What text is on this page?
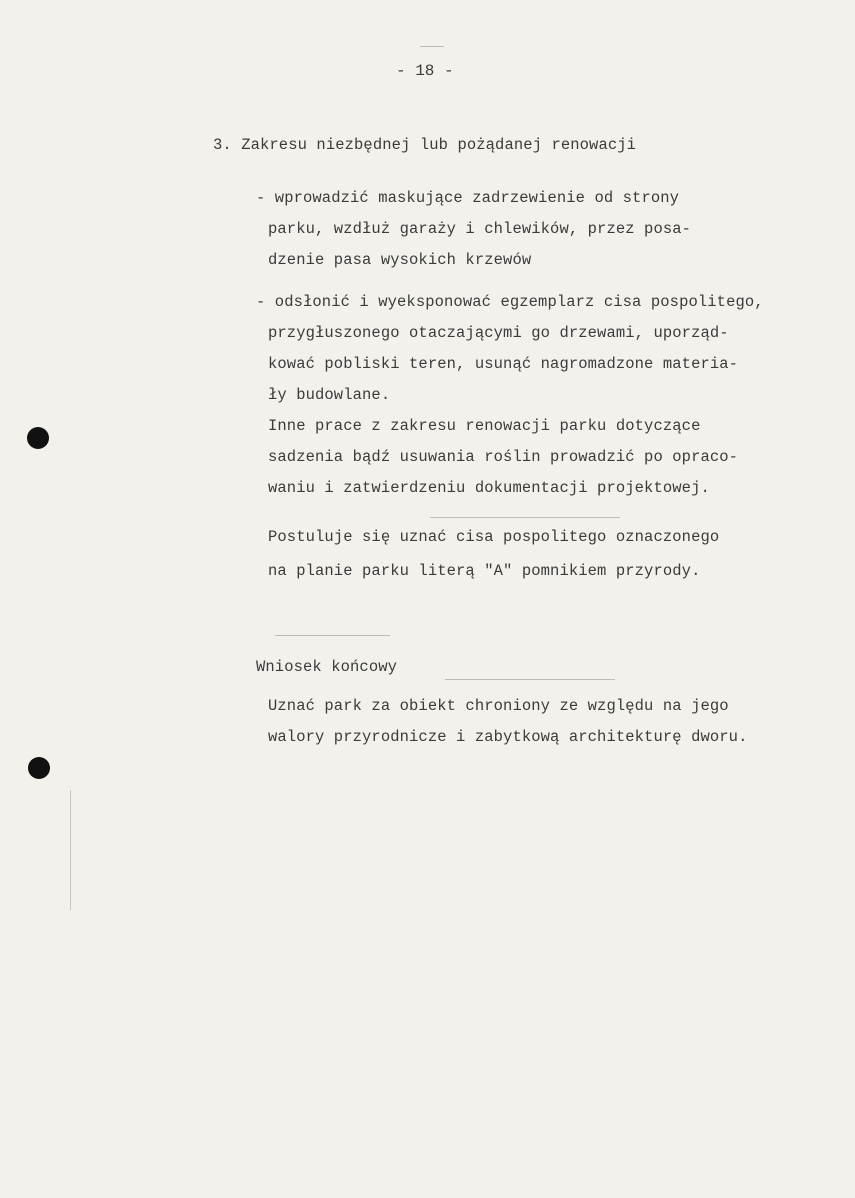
- 18 -
3. Zakresu niezbędnej lub pożądanej renowacji
- wprowadzić maskujące zadrzewienie od strony
parku, wzdłuż garaży i chlewików, przez posa-
dzenie pasa wysokich krzewów
- odsłonić i wyeksponować egzemplarz cisa pospolitego,
przygłuszonego otaczającymi go drzewami, uporząd-
kować pobliski teren, usunąć nagromadzone materia-
ły budowlane.
Inne prace z zakresu renowacji parku dotyczące
sadzenia bądź usuwania roślin prowadzić po opraco-
waniu i zatwierdzeniu dokumentacji projektowej.
Postuluje się uznać cisa pospolitego oznaczonego
na planie parku literą "A" pomnikiem przyrody.
Wniosek końcowy
Uznać park za obiekt chroniony ze względu na jego
walory przyrodnicze i zabytkową architekturę dworu.
